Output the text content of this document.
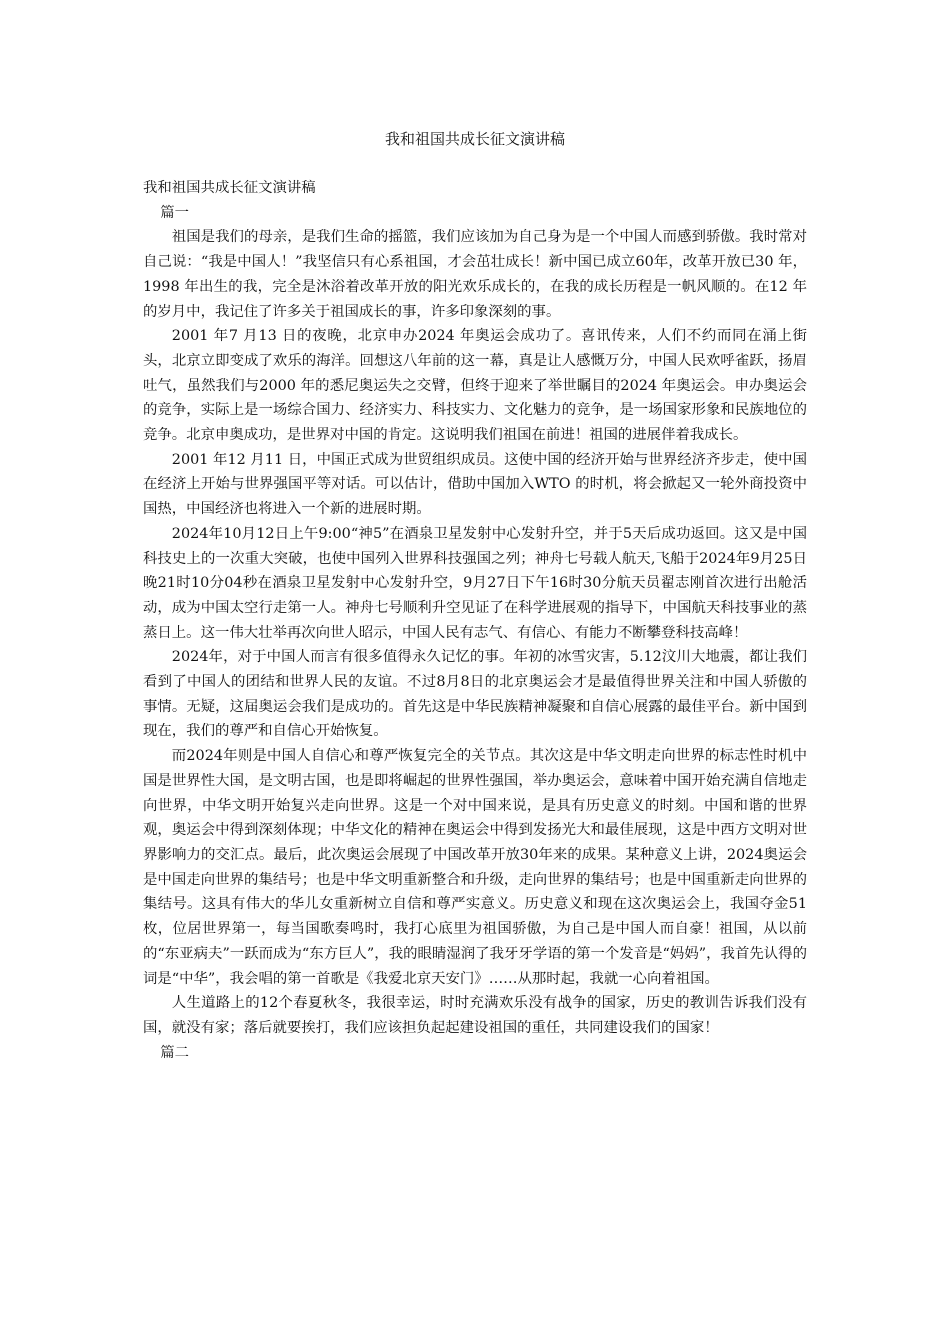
我和祖国共成长征文演讲稿

我和祖国共成长征文演讲稿

篇一

祖国是我们的母亲，是我们生命的摇篮，我们应该加为自己身为是一个中国人而感到骄傲。我时常对自己说：“我是中国人！”我坚信只有心系祖国，才会茁壮成长！新中国已成立60年，改革开放已30 年，1998 年出生的我，完全是沐浴着改革开放的阳光欢乐成长的，在我的成长历程是一帆风顺的。在12 年的岁月中，我记住了许多关于祖国成长的事，许多印象深刻的事。

2001 年7 月13 日的夜晚，北京申办2024 年奥运会成功了。喜讯传来，人们不约而同在涌上街头，北京立即变成了欢乐的海洋。回想这八年前的这一幕，真是让人感慨万分，中国人民欢呼雀跃，扬眉吐气，虽然我们与2000 年的悉尼奥运失之交臂，但终于迎来了举世瞩目的2024 年奥运会。申办奥运会的竞争，实际上是一场综合国力、经济实力、科技实力、文化魅力的竞争，是一场国家形象和民族地位的竞争。北京申奥成功，是世界对中国的肯定。这说明我们祖国在前进！祖国的进展伴着我成长。

2001 年12 月11 日，中国正式成为世贸组织成员。这使中国的经济开始与世界经济齐步走，使中国在经济上开始与世界强国平等对话。可以估计，借助中国加入WTO 的时机，将会掀起又一轮外商投资中国热，中国经济也将进入一个新的进展时期。

2024年10月12日上午9:00“神5”在酒泉卫星发射中心发射升空，并于5天后成功返回。这又是中国科技史上的一次重大突破，也使中国列入世界科技强国之列；神舟七号载人航天,飞船于2024年9月25日晚21时10分04秒在酒泉卫星发射中心发射升空，9月27日下午16时30分航天员翟志刚首次进行出舱活动，成为中国太空行走第一人。神舟七号顺利升空见证了在科学进展观的指导下，中国航天科技事业的蒸蒸日上。这一伟大壮举再次向世人昭示，中国人民有志气、有信心、有能力不断攀登科技高峰！

2024年，对于中国人而言有很多值得永久记忆的事。年初的冰雪灾害，5.12汶川大地震，都让我们看到了中国人的团结和世界人民的友谊。不过8月8日的北京奥运会才是最值得世界关注和中国人骄傲的事情。无疑，这届奥运会我们是成功的。首先这是中华民族精神凝聚和自信心展露的最佳平台。新中国到现在，我们的尊严和自信心开始恢复。

而2024年则是中国人自信心和尊严恢复完全的关节点。其次这是中华文明走向世界的标志性时机中国是世界性大国，是文明古国，也是即将崛起的世界性强国，举办奥运会，意味着中国开始充满自信地走向世界，中华文明开始复兴走向世界。这是一个对中国来说，是具有历史意义的时刻。中国和谐的世界观，奥运会中得到深刻体现；中华文化的精神在奥运会中得到发扬光大和最佳展现，这是中西方文明对世界影响力的交汇点。最后，此次奥运会展现了中国改革开放30年来的成果。某种意义上讲，2024奥运会是中国走向世界的集结号；也是中华文明重新整合和升级，走向世界的集结号；也是中国重新走向世界的集结号。这具有伟大的华儿女重新树立自信和尊严实意义。历史意义和现在这次奥运会上，我国夺金51枚，位居世界第一，每当国歌奏鸣时，我打心底里为祖国骄傲，为自己是中国人而自豪！祖国，从以前的“东亚病夫”一跃而成为“东方巨人”，我的眼睛湿润了我牙牙学语的第一个发音是“妈妈”，我首先认得的词是“中华”，我会唱的第一首歌是《我爱北京天安门》……从那时起，我就一心向着祖国。

人生道路上的12个春夏秋冬，我很幸运，时时充满欢乐没有战争的国家，历史的教训告诉我们没有国，就没有家；落后就要挨打，我们应该担负起起建设祖国的重任，共同建设我们的国家！

篇二
